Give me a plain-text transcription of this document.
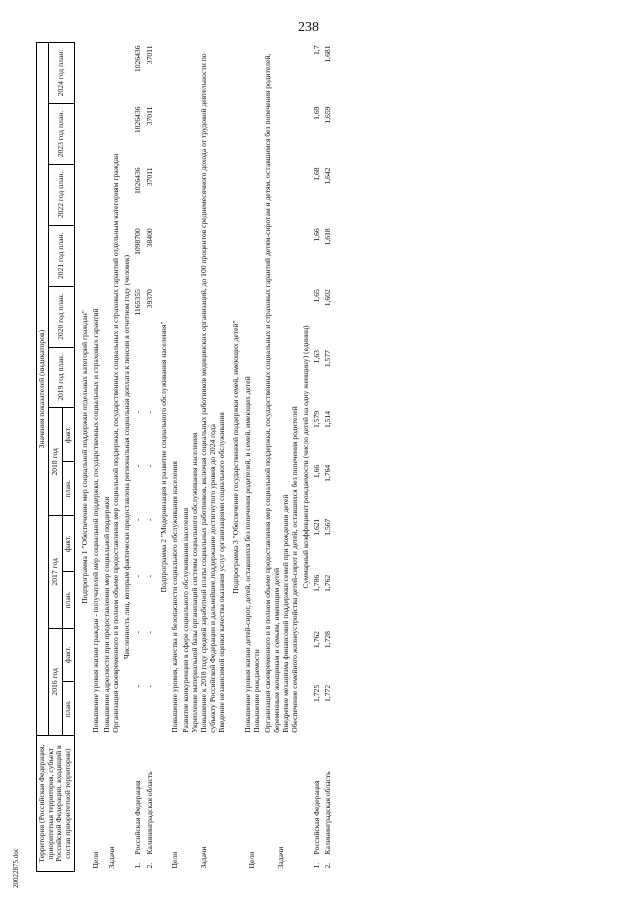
238
20022875.doc
Территория (Российская Федерация, приоритетная территория, субъект Российской Федерации, входящий в состав приоритетной территории)		Значения показателей (индикаторов)											
		2016 год		2017 год		2018 год		2019 год план.	2020 год план.	2021 год план.	2022 год план.	2023 год план.	2024 год план.
		план.	факт.	план.	факт.	план.	факт.						
Подпрограмма 1 "Обеспечение мер социальной поддержки отдельных категорий граждан"													
Цели		Повышение уровня жизни граждан - получателей мер социальной поддержки, государственных социальных и страховых гарантий											

Задачи		Повышение адресности при предоставлении мер социальной поддержки Организация своевременного и в полном объеме предоставления мер социальной поддержки, государственных социальных и страховых гарантий отдельным категориям граждан											

Численность лиц, которым фактически предоставлена региональная социальная доплата к пенсии в отчетном году (человек)													
1.	Российская Федерация	-	-	-	-	-	-		1165355	1098700	1026436	1026436	1026436
2.	Калининградская область	-	-	-	-	-	-		39370	38400	37011	37011	37011
Подпрограмма 2 "Модернизация и развитие социального обслуживания населения"													
Цели		Повышение уровня, качества и безопасности социального обслуживания населения											

Задачи		Развитие конкуренции в сфере социального обслуживания населения Укрепление материальной базы организаций системы социального обслуживания населения Повышение к 2018 году средней заработной платы социальных работников, включая социальных работников медицинских организаций, до 100 процентов среднемесячного дохода от трудовой деятельности по субъекту Российской Федерации и дальнейшее поддержание достигнутого уровня до 2024 года Введение независимой оценки качества оказания услуг организациями социального обслуживания											

Подпрограмма 3 "Обеспечение государственной поддержки семей, имеющих детей"													
Цели		Повышение уровня жизни детей-сирот, детей, оставшихся без попечения родителей, и семей, имеющих детей Повышение рождаемости											

Задачи		Организация своевременного и в полном объеме предоставления мер социальной поддержки, государственных социальных и страховых гарантий детям-сиротам и детям, оставшимся без попечения родителей, беременным женщинам и семьям, имеющим детей Внедрение механизма финансовой поддержки семей при рождении детей Обеспечение семейного жизнеустройства детей-сирот и детей, оставшихся без попечения родителей											

Суммарный коэффициент рождаемости (число детей на одну женщину) (единиц)													
1.	Российская Федерация	1,725	1,762	1,786	1,621	1,66	1,579	1,63	1,65	1,66	1,68	1,69	1,7
2.	Калининградская область	1,772	1,728	1,762	1,567	1,764	1,514	1,577	1,602	1,618	1,642	1,659	1,681
